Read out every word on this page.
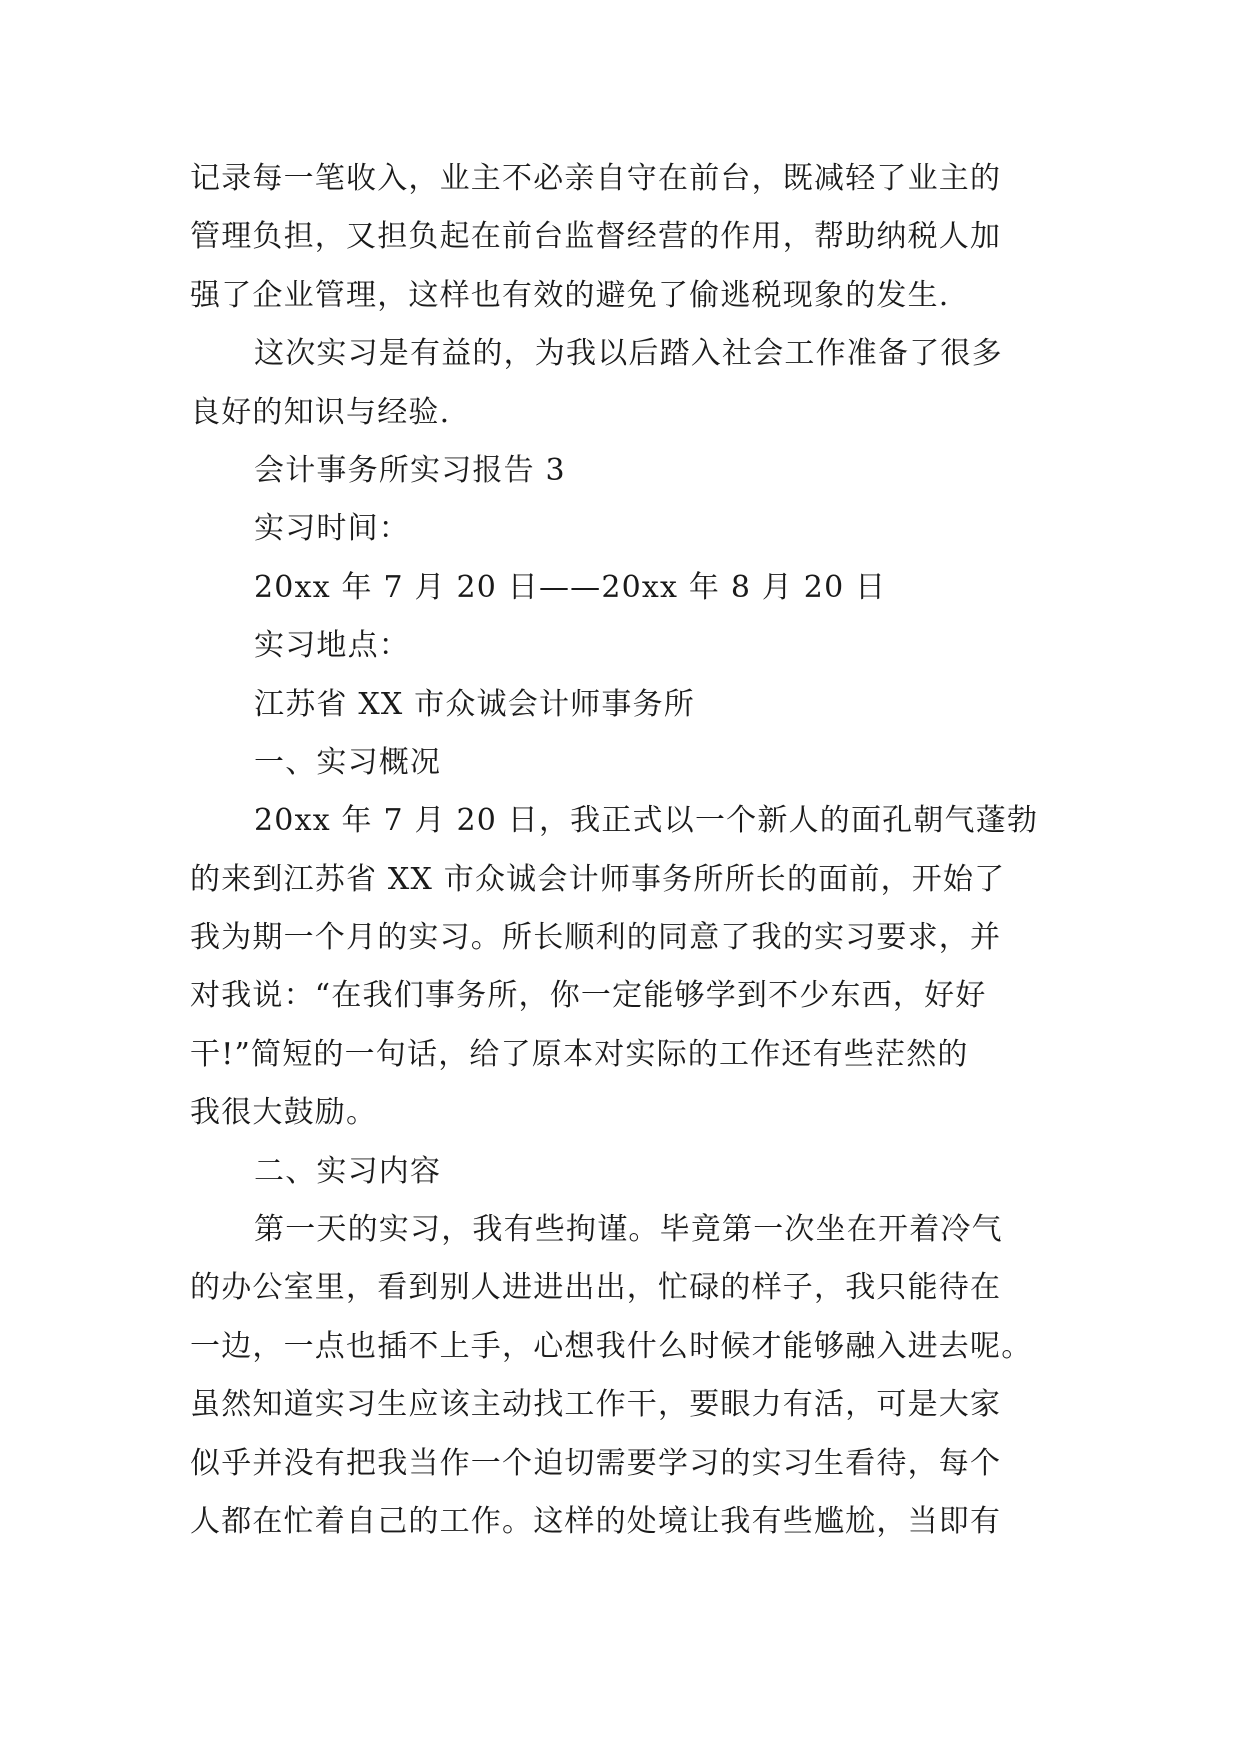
记录每一笔收入，业主不必亲自守在前台，既减轻了业主的
管理负担，又担负起在前台监督经营的作用，帮助纳税人加
强了企业管理，这样也有效的避免了偷逃税现象的发生.
这次实习是有益的，为我以后踏入社会工作准备了很多
良好的知识与经验.
会计事务所实习报告 3
实习时间：
20xx 年 7 月 20 日——20xx 年 8 月 20 日
实习地点：
江苏省 XX 市众诚会计师事务所
一、实习概况
20xx 年 7 月 20 日，我正式以一个新人的面孔朝气蓬勃
的来到江苏省 XX 市众诚会计师事务所所长的面前，开始了
我为期一个月的实习。所长顺利的同意了我的实习要求，并
对我说：“在我们事务所，你一定能够学到不少东西，好好
干!”简短的一句话，给了原本对实际的工作还有些茫然的
我很大鼓励。
二、实习内容
第一天的实习，我有些拘谨。毕竟第一次坐在开着冷气
的办公室里，看到别人进进出出，忙碌的样子，我只能待在
一边，一点也插不上手，心想我什么时候才能够融入进去呢。
虽然知道实习生应该主动找工作干，要眼力有活，可是大家
似乎并没有把我当作一个迫切需要学习的实习生看待，每个
人都在忙着自己的工作。这样的处境让我有些尴尬，当即有
